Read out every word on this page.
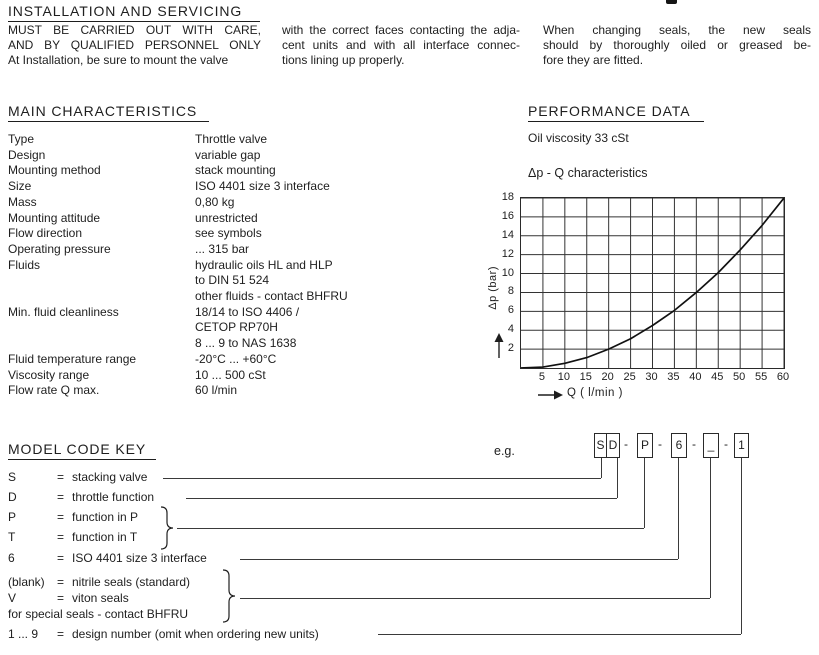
INSTALLATION AND SERVICING
MUST BE CARRIED OUT WITH CARE,
AND BY QUALIFIED PERSONNEL ONLY
At Installation, be sure to mount the valve
with the correct faces contacting the adja-
cent units and with all interface connec-
tions lining up properly.
When changing seals, the new seals
should by thoroughly oiled or greased be-
fore they are fitted.
MAIN CHARACTERISTICS
Type	Throttle valve
Design	variable gap
Mounting method	stack mounting
Size	ISO 4401 size 3 interface
Mass	0,80 kg
Mounting attitude	unrestricted
Flow direction	see symbols
Operating pressure	... 315 bar
Fluids	hydraulic oils HL and HLP
to DIN 51 524
other fluids - contact BHFRU
Min. fluid cleanliness	18/14 to ISO 4406 /
CETOP RP70H
8 ... 9 to NAS 1638
Fluid temperature range	-20°C ... +60°C
Viscosity range	10 ... 500 cSt
Flow rate Q max.	60 l/min
PERFORMANCE DATA
Oil viscosity 33 cSt
Δp - Q characteristics
Δp (bar)
Q ( l/min )
MODEL CODE KEY	e.g.	S D -	P -	6 - _ - 1
S	= stacking valve
D	= throttle function
P	= function in P
T	= function in T
6	= ISO 4401 size 3 interface
(blank) = nitrile seals (standard)
V	= viton seals
for special seals - contact BHFRU
1 ... 9 = design number (omit when ordering new units)
2
4
6
8
10
12
14
16
18
5	10 15 20 25 30 35 40 45 50 55 60
